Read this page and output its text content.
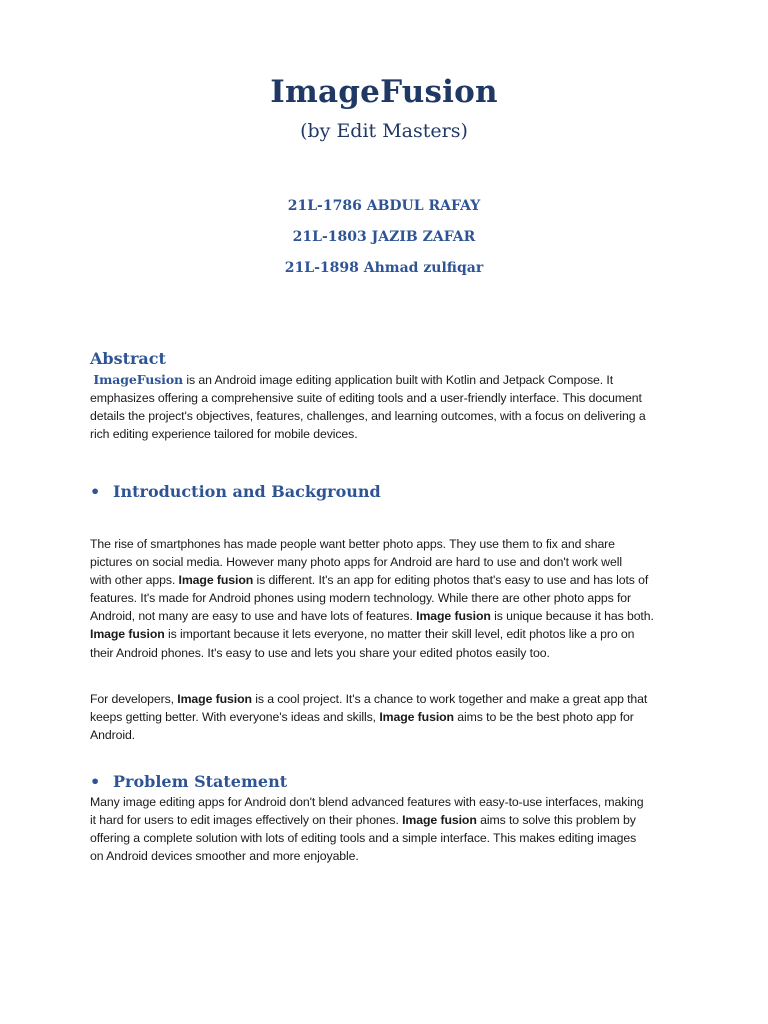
ImageFusion
(by Edit Masters)
21L-1786 ABDUL RAFAY
21L-1803 JAZIB ZAFAR
21L-1898 Ahmad zulfiqar
Abstract
ImageFusion is an Android image editing application built with Kotlin and Jetpack Compose. It
emphasizes offering a comprehensive suite of editing tools and a user-friendly interface. This document
details the project's objectives, features, challenges, and learning outcomes, with a focus on delivering a
rich editing experience tailored for mobile devices.
• Introduction and Background
The rise of smartphones has made people want better photo apps. They use them to fix and share
pictures on social media. However many photo apps for Android are hard to use and don't work well
with other apps. Image fusion is different. It's an app for editing photos that's easy to use and has lots of
features. It's made for Android phones using modern technology. While there are other photo apps for
Android, not many are easy to use and have lots of features. Image fusion is unique because it has both.
Image fusion is important because it lets everyone, no matter their skill level, edit photos like a pro on
their Android phones. It's easy to use and lets you share your edited photos easily too.
For developers, Image fusion is a cool project. It's a chance to work together and make a great app that
keeps getting better. With everyone's ideas and skills, Image fusion aims to be the best photo app for
Android.
• Problem Statement
Many image editing apps for Android don't blend advanced features with easy-to-use interfaces, making
it hard for users to edit images effectively on their phones. Image fusion aims to solve this problem by
offering a complete solution with lots of editing tools and a simple interface. This makes editing images
on Android devices smoother and more enjoyable.
